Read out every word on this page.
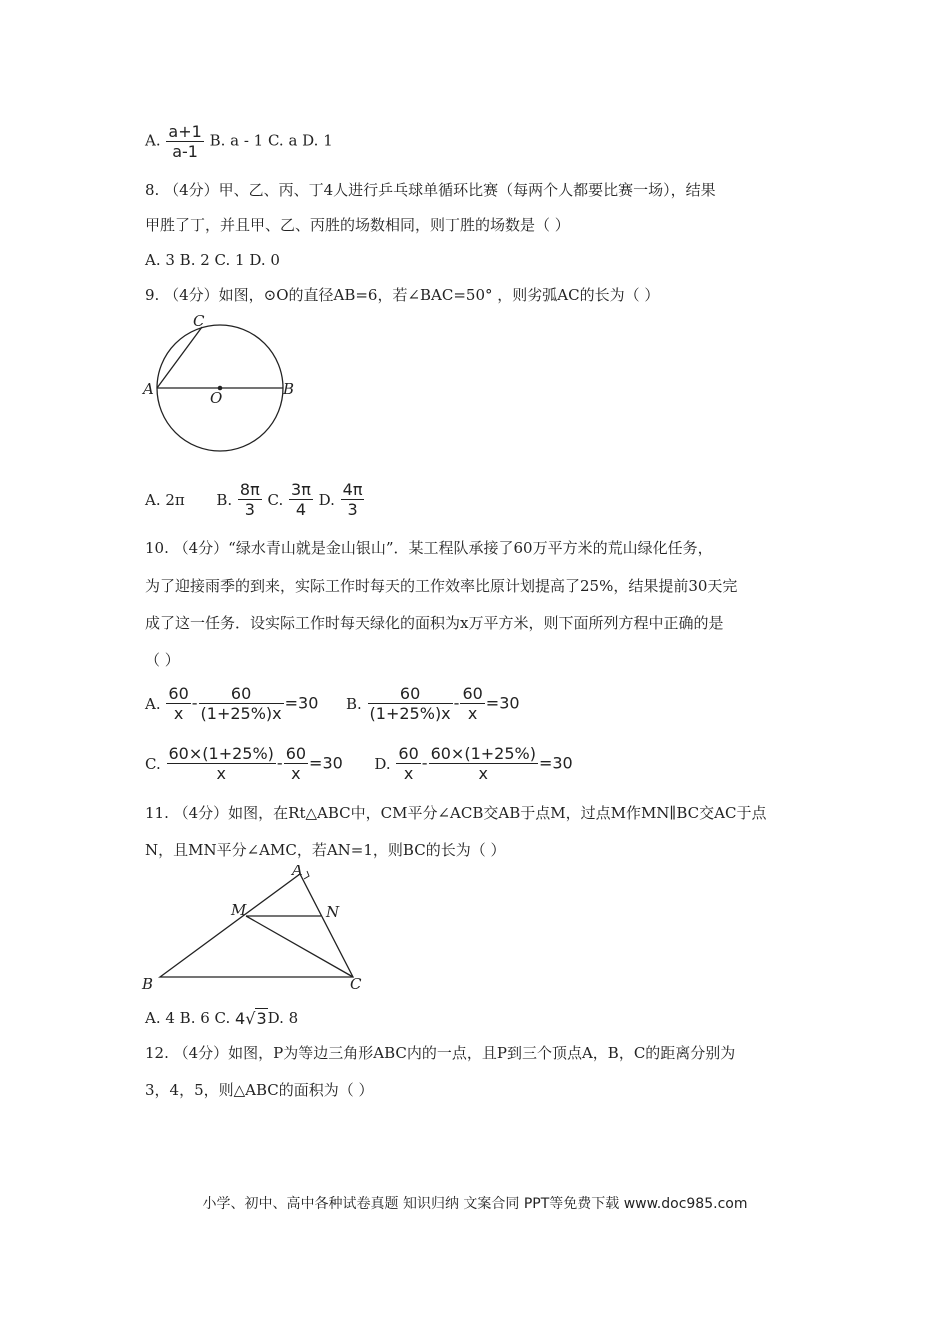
A. $\frac{a+1}{a-1} B$. a - 1 C. a D. 1
8. （4分）甲、乙、丙、丁4人进行乒乓球单循环比赛（每两个人都要比赛一场），结果
甲胜了丁，并且甲、乙、丙胜的场数相同，则丁胜的场数是（ ）
A. 3 B. 2 C. 1 D. 0
9. （4分）如图，⊙O的直径AB=6，若∠BAC=50° ，则劣弧AC的长为（ ）
C
A	O	B
A. 2π B. $\frac{8\pi}{3} C$. $\frac{3\pi}{4} D$. $\frac{4\pi}{3}$
10. （4分）“绿水青山就是金山银山”．某工程队承接了60万平方米的荒山绿化任务，
为了迎接雨季的到来，实际工作时每天的工作效率比原计划提高了25%，结果提前30天完
成了这一任务．设实际工作时每天绿化的面积为x万平方米，则下面所列方程中正确的是
（ ）
A. $\frac{60}{x} - \frac{60}{(1+25\%)x} =30$ B. $\frac{60}{(1+25\%)x} - \frac{60}{x} =30$
C. $\frac{60\times(1+25\%)}{x} - \frac{60}{x} =30$ D. $\frac{60}{x} - \frac{60\times(1+25\%)}{x} =30$
11. （4分）如图，在Rt△ABC中，CM平分∠ACB交AB于点M，过点M作MN∥BC交AC于点
N，且MN平分∠AMC，若AN=1，则BC的长为（ ）
A
M	N
B	C
A. 4 B. 6 C. 4√3D. 8
12. （4分）如图，P为等边三角形ABC内的一点，且P到三个顶点A，B，C的距离分别为
3，4，5，则△ABC的面积为（ ）
小学、初中、高中各种试卷真题 知识归纳 文案合同 PPT等免费下载 www.doc985.com
